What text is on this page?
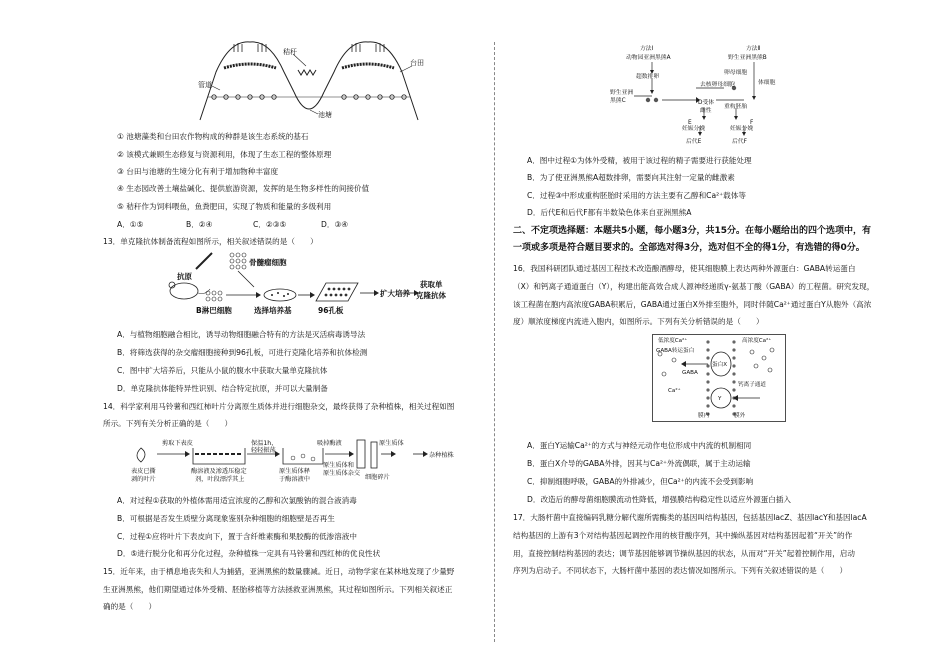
秸秆
台田
管道
池塘
① 池塘藻类和台田农作物构成的种群是该生态系统的基石
② 该模式兼顾生态修复与资源利用，体现了生态工程的整体原理
③ 台田与池塘的生境分化有利于增加物种丰富度
④ 生态园改善土壤盐碱化、提供旅游资源，发挥的是生物多样性的间接价值
⑤ 秸秆作为饲料喂鱼，鱼粪肥田，实现了物质和能量的多级利用
A．①⑤	B．②④	C．②③⑤	D．③④
13．单克隆抗体制备流程如图所示，相关叙述错误的是（　　）
抗原
骨髓瘤细胞
B淋巴细胞	选择培养基	96孔板
扩大培养
获取单
克隆抗体
A．与植物细胞融合相比，诱导动物细胞融合特有的方法是灭活病毒诱导法
B．将筛选获得的杂交瘤细胞接种到96孔板，可进行克隆化培养和抗体检测
C．图中扩大培养后，只能从小鼠的腹水中获取大量单克隆抗体
D．单克隆抗体能特异性识别、结合特定抗原，并可以大量制备
14．科学家利用马铃薯和西红柿叶片分离原生质体并进行细胞杂交，最终获得了杂种植株，相关过程如图
所示。下列有关分析正确的是（　　）
剪取下表皮
表皮已撕
剥的叶片
酶溶液及渗透压稳定
剂，叶段漂浮其上
保温1h，
轻轻振荡
原生质体释
于酶溶液中
吸掉酶液
原生质体和
原生质体杂交
原生质体
细胞碎片
杂种植株
A．对过程①获取的外植体需用适宜浓度的乙醇和次氯酸钠的混合液消毒
B．可根据是否发生质壁分离现象鉴别杂种细胞的细胞壁是否再生
C．过程①应将叶片下表皮向下，置于含纤维素酶和果胶酶的低渗溶液中
D．⑤进行脱分化和再分化过程，杂种植株一定具有马铃薯和西红柿的优良性状
15．近年来，由于栖息地丧失和人为捕猎，亚洲黑熊的数量骤减。近日，动物学家在某林地发现了少量野
生亚洲黑熊，他们期望通过体外受精、胚胎移植等方法拯救亚洲黑熊，其过程如图所示。下列相关叙述正
确的是（　　）
方法Ⅰ	方法Ⅱ
动物园亚洲黑熊A	野生亚洲黑熊B
超数排卵
卵母细胞
体细胞
野生亚洲
黑熊C
去核卵母细胞
重构胚胎
D受体
雌性
E	F
妊娠分娩	妊娠分娩
后代E	后代F
A．图中过程①为体外受精，被用于该过程的精子需要进行获能处理
B．为了使亚洲黑熊A超数排卵，需要向其注射一定量的雌激素
C．过程③中形成重构胚胎时采用的方法主要有乙醇和Ca²⁺载体等
D．后代E和后代F都有半数染色体来自亚洲黑熊A
二、不定项选择题：本题共5小题，每小题3分，共15分。在每小题给出的四个选项中，有
一项或多项是符合题目要求的。全部选对得3分，选对但不全的得1分，有选错的得0分。
16．我国科研团队通过基因工程技术改造酿酒酵母，使其细胞膜上表达两种外源蛋白：GABA转运蛋白
（X）和钙离子通道蛋白（Y），构建出能高效合成人源神经递质γ-氨基丁酸（GABA）的工程菌。研究发现，
该工程菌在胞内高浓度GABA积累后，GABA通过蛋白X外排至胞外，同时伴随Ca²⁺通过蛋白Y从胞外（高浓
度）顺浓度梯度内流进入胞内，如图所示。下列有关分析错误的是（　　）
低浓度Ca²⁺	高浓度Ca²⁺
GABA转运蛋白
蛋白X
Y
钙离子通道
Ca²⁺
GABA
膜内	膜外
A．蛋白Y运输Ca²⁺的方式与神经元动作电位形成中内流的机制相同
B．蛋白X介导的GABA外排，因其与Ca²⁺外流偶联，属于主动运输
C．抑制细胞呼吸，GABA的外排减少，但Ca²⁺的内流不会受到影响
D．改造后的酵母菌细胞膜流动性降低，增强膜结构稳定性以适应外源蛋白插入
17．大肠杆菌中直接编码乳糖分解代谢所需酶类的基因叫结构基因，包括基因lacZ、基因lacY和基因lacA
结构基因的上游有3个对结构基因起调控作用的核苷酸序列，其中操纵基因对结构基因起着“开关”的作
用，直接控制结构基因的表达；调节基因能够调节操纵基因的状态，从而对“开关”起着控制作用，启动
序列为启动子。不同状态下，大肠杆菌中基因的表达情况如图所示。下列有关叙述错误的是（　　）
